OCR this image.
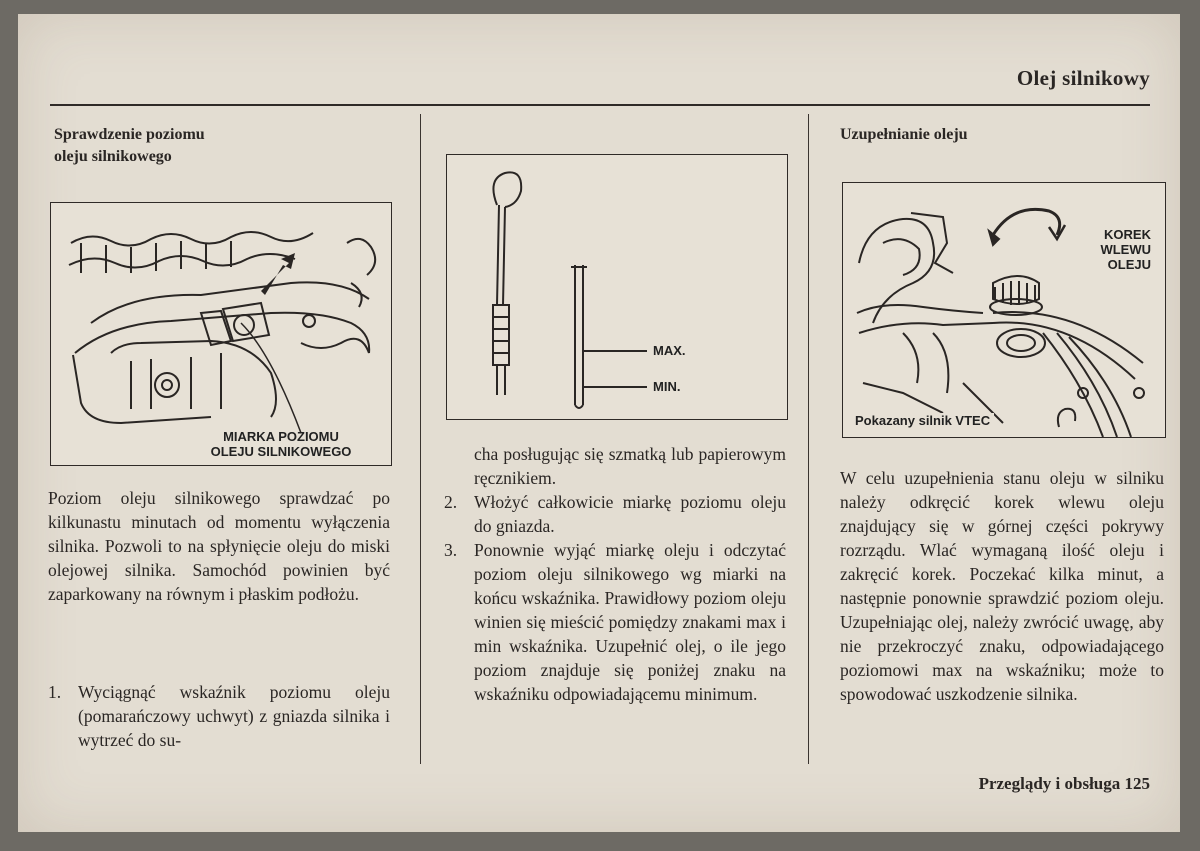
Olej silnikowy
Sprawdzenie poziomu
oleju silnikowego
MIARKA POZIOMU
OLEJU SILNIKOWEGO

Poziom oleju silnikowego sprawdzać po kilkunastu minutach od momentu wyłączenia silnika. Pozwoli to na spłynięcie oleju do miski olejowej silnika. Samochód powinien być zaparkowany na równym i płaskim podłożu.

1. Wyciągnąć wskaźnik poziomu oleju (pomarańczowy uchwyt) z gniazda silnika i wytrzeć do su-
MAX.
MIN.

cha posługując się szmatką lub papierowym ręcznikiem.

2. Włożyć całkowicie miarkę poziomu oleju do gniazda.
3. Ponownie wyjąć miarkę oleju i odczytać poziom oleju silnikowego wg miarki na końcu wskaźnika. Prawidłowy poziom oleju winien się mieścić pomiędzy znakami max i min wskaźnika. Uzupełnić olej, o ile jego poziom znajduje się poniżej znaku na wskaźniku odpowiadającemu minimum.
Uzupełnianie oleju
KOREK
WLEWU
OLEJU
Pokazany silnik VTEC

W celu uzupełnienia stanu oleju w silniku należy odkręcić korek wlewu oleju znajdujący się w górnej części pokrywy rozrządu. Wlać wymaganą ilość oleju i zakręcić korek. Poczekać kilka minut, a następnie ponownie sprawdzić poziom oleju. Uzupełniając olej, należy zwrócić uwagę, aby nie przekroczyć znaku, odpowiadającego poziomowi max na wskaźniku; może to spowodować uszkodzenie silnika.

Przeglądy i obsługa 125
